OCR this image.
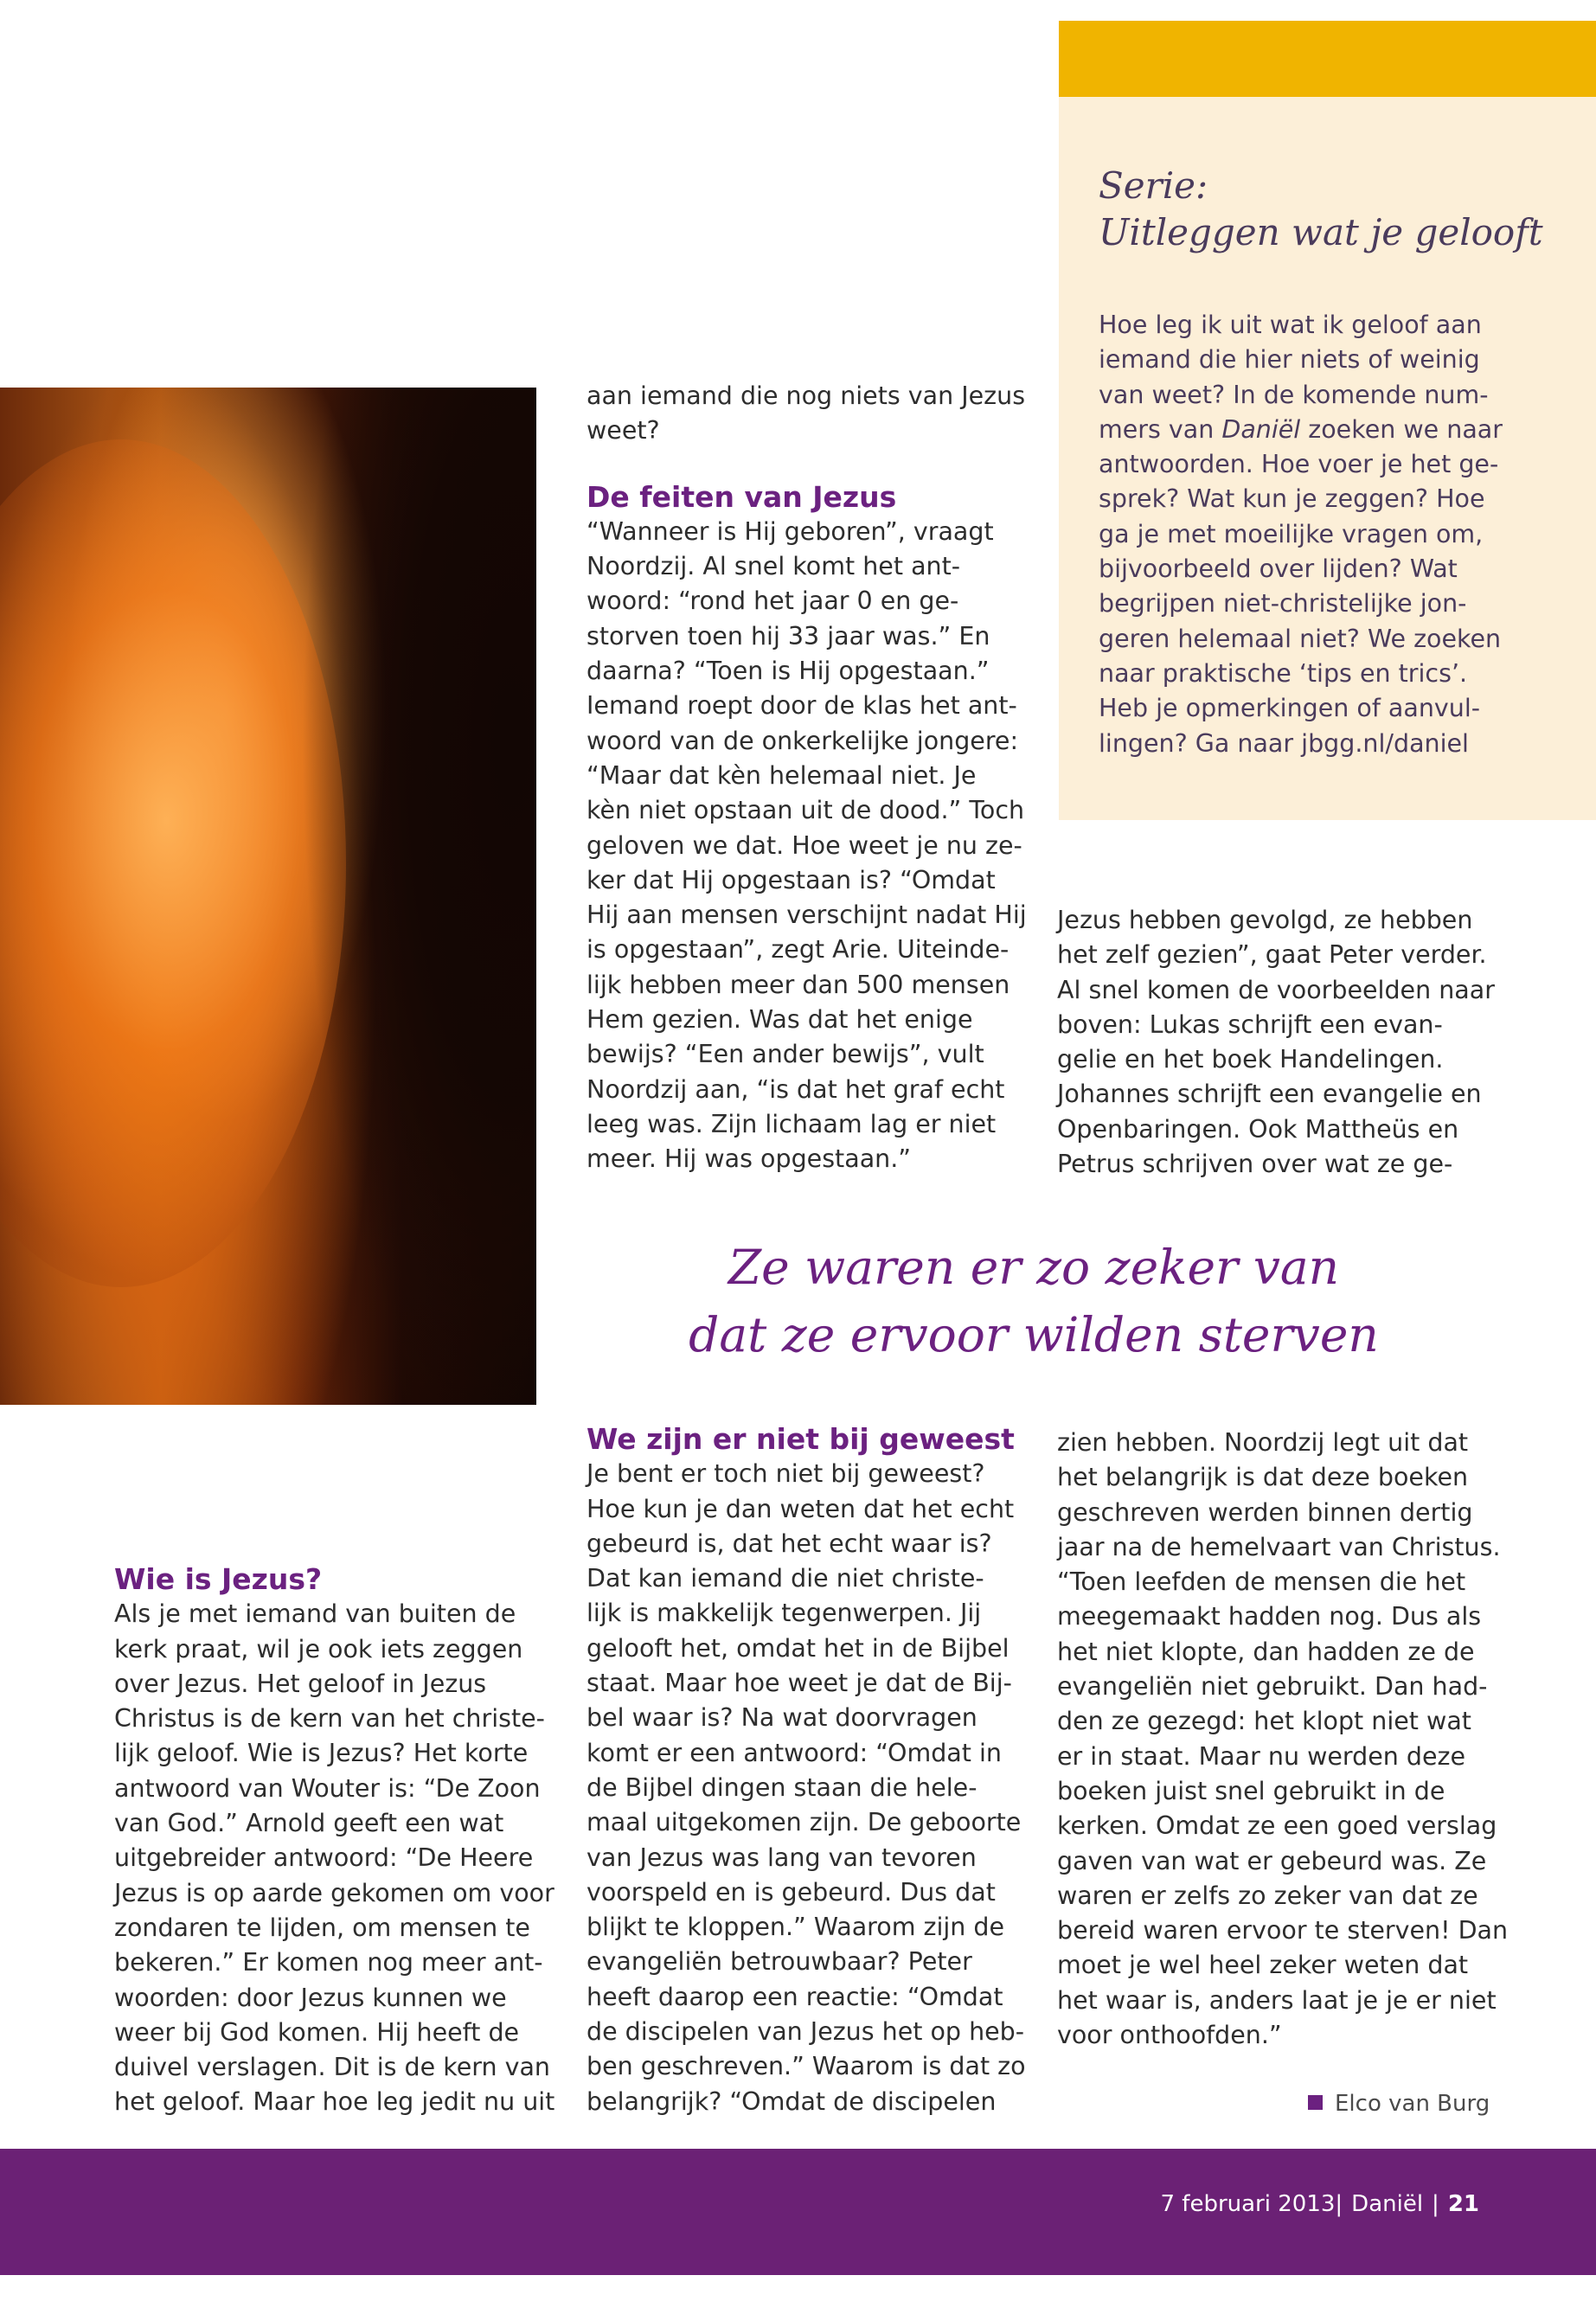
Serie:
Uitleggen wat je gelooft
Hoe leg ik uit wat ik geloof aan
iemand die hier niets of weinig
van weet? In de komende num-
mers van Daniël zoeken we naar
antwoorden. Hoe voer je het ge-
sprek? Wat kun je zeggen? Hoe
ga je met moeilijke vragen om,
bijvoorbeeld over lijden? Wat
begrijpen niet-christelijke jon-
geren helemaal niet? We zoeken
naar praktische ‘tips en trics’.
Heb je opmerkingen of aanvul-
lingen? Ga naar jbgg.nl/daniel
aan iemand die nog niets van Jezus
weet?
De feiten van Jezus
“Wanneer is Hij geboren”, vraagt
Noordzij. Al snel komt het ant-
woord: “rond het jaar 0 en ge-
storven toen hij 33 jaar was.” En
daarna? “Toen is Hij opgestaan.”
Iemand roept door de klas het ant-
woord van de onkerkelijke jongere:
“Maar dat kèn helemaal niet. Je
kèn niet opstaan uit de dood.” Toch
geloven we dat. Hoe weet je nu ze-
ker dat Hij opgestaan is? “Omdat
Hij aan mensen verschijnt nadat Hij
is opgestaan”, zegt Arie. Uiteinde-
lijk hebben meer dan 500 mensen
Hem gezien. Was dat het enige
bewijs? “Een ander bewijs”, vult
Noordzij aan, “is dat het graf echt
leeg was. Zijn lichaam lag er niet
meer. Hij was opgestaan.”
Jezus hebben gevolgd, ze hebben
het zelf gezien”, gaat Peter verder.
Al snel komen de voorbeelden naar
boven: Lukas schrijft een evan-
gelie en het boek Handelingen.
Johannes schrijft een evangelie en
Openbaringen. Ook Mattheüs en
Petrus schrijven over wat ze ge-
Ze waren er zo zeker van
dat ze ervoor wilden sterven
Wie is Jezus?
Als je met iemand van buiten de
kerk praat, wil je ook iets zeggen
over Jezus. Het geloof in Jezus
Christus is de kern van het christe-
lijk geloof. Wie is Jezus? Het korte
antwoord van Wouter is: “De Zoon
van God.” Arnold geeft een wat
uitgebreider antwoord: “De Heere
Jezus is op aarde gekomen om voor
zondaren te lijden, om mensen te
bekeren.” Er komen nog meer ant-
woorden: door Jezus kunnen we
weer bij God komen. Hij heeft de
duivel verslagen. Dit is de kern van
het geloof. Maar hoe leg jedit nu uit
We zijn er niet bij geweest
Je bent er toch niet bij geweest?
Hoe kun je dan weten dat het echt
gebeurd is, dat het echt waar is?
Dat kan iemand die niet christe-
lijk is makkelijk tegenwerpen. Jij
gelooft het, omdat het in de Bijbel
staat. Maar hoe weet je dat de Bij-
bel waar is? Na wat doorvragen
komt er een antwoord: “Omdat in
de Bijbel dingen staan die hele-
maal uitgekomen zijn. De geboorte
van Jezus was lang van tevoren
voorspeld en is gebeurd. Dus dat
blijkt te kloppen.” Waarom zijn de
evangeliën betrouwbaar? Peter
heeft daarop een reactie: “Omdat
de discipelen van Jezus het op heb-
ben geschreven.” Waarom is dat zo
belangrijk? “Omdat de discipelen
zien hebben. Noordzij legt uit dat
het belangrijk is dat deze boeken
geschreven werden binnen dertig
jaar na de hemelvaart van Christus.
“Toen leefden de mensen die het
meegemaakt hadden nog. Dus als
het niet klopte, dan hadden ze de
evangeliën niet gebruikt. Dan had-
den ze gezegd: het klopt niet wat
er in staat. Maar nu werden deze
boeken juist snel gebruikt in de
kerken. Omdat ze een goed verslag
gaven van wat er gebeurd was. Ze
waren er zelfs zo zeker van dat ze
bereid waren ervoor te sterven! Dan
moet je wel heel zeker weten dat
het waar is, anders laat je je er niet
voor onthoofden.”
Elco van Burg
7 februari 2013| Daniël | 21
